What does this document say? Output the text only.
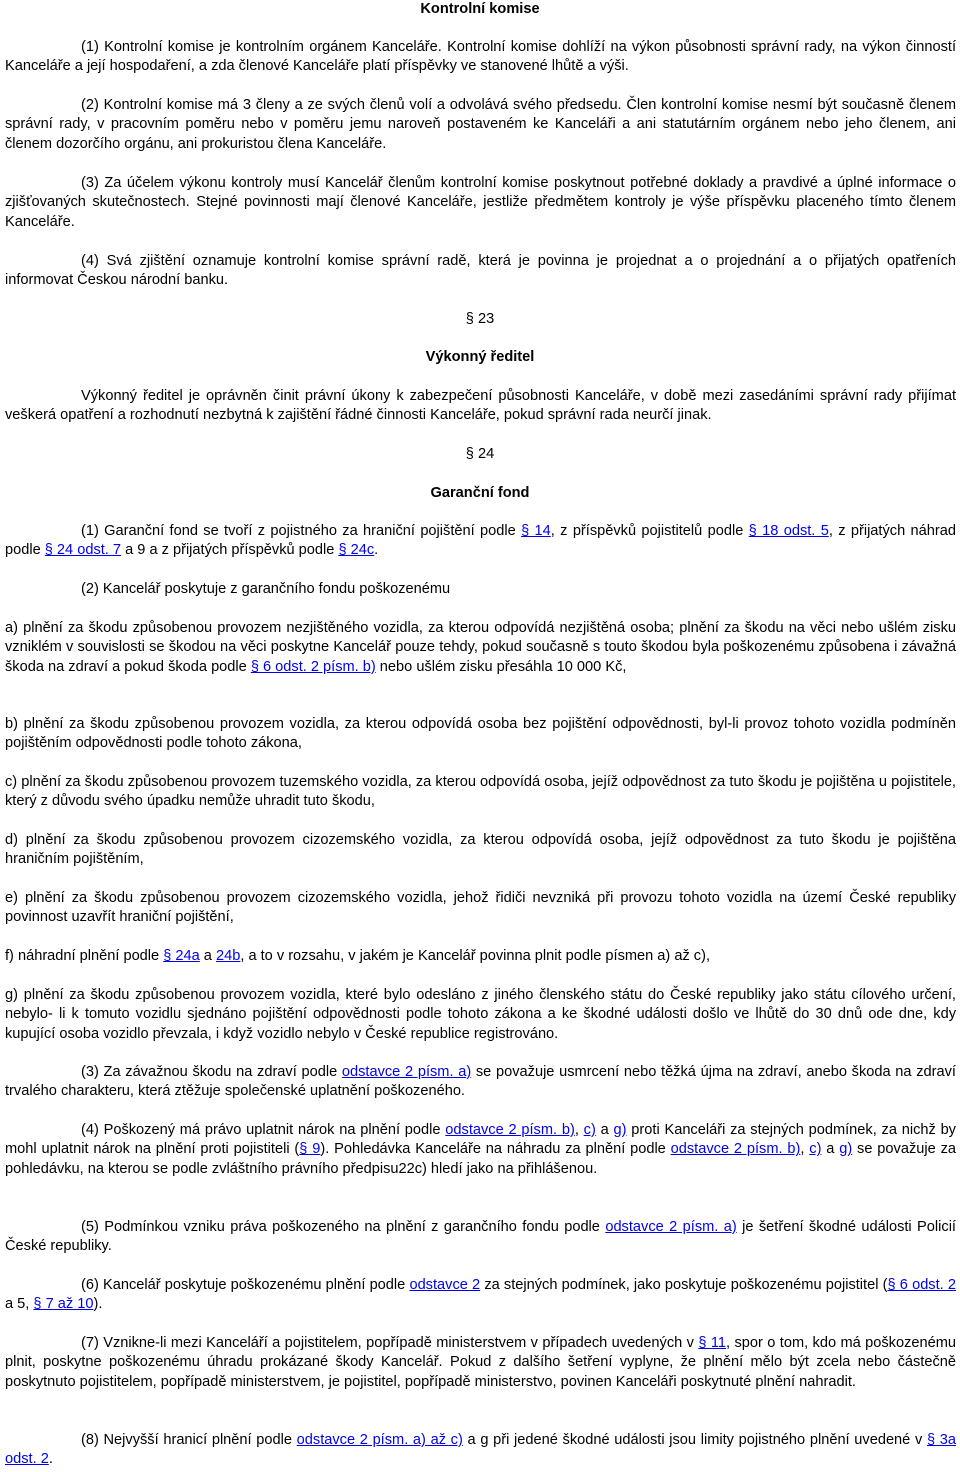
Kontrolní komise

(1) Kontrolní komise je kontrolním orgánem Kanceláře. Kontrolní komise dohlíží na výkon působnosti správní rady, na výkon činností Kanceláře a její hospodaření, a zda členové Kanceláře platí příspěvky ve stanovené lhůtě a výši.

(2) Kontrolní komise má 3 členy a ze svých členů volí a odvolává svého předsedu. Člen kontrolní komise nesmí být současně členem správní rady, v pracovním poměru nebo v poměru jemu naroveň postaveném ke Kanceláři a ani statutárním orgánem nebo jeho členem, ani členem dozorčího orgánu, ani prokuristou člena Kanceláře.

(3) Za účelem výkonu kontroly musí Kancelář členům kontrolní komise poskytnout potřebné doklady a pravdivé a úplné informace o zjišťovaných skutečnostech. Stejné povinnosti mají členové Kanceláře, jestliže předmětem kontroly je výše příspěvku placeného tímto členem Kanceláře.

(4) Svá zjištění oznamuje kontrolní komise správní radě, která je povinna je projednat a o projednání a o přijatých opatřeních informovat Českou národní banku.

§ 23

Výkonný ředitel

Výkonný ředitel je oprávněn činit právní úkony k zabezpečení působnosti Kanceláře, v době mezi zasedáními správní rady přijímat veškerá opatření a rozhodnutí nezbytná k zajištění řádné činnosti Kanceláře, pokud správní rada neurčí jinak.

§ 24

Garanční fond

(1) Garanční fond se tvoří z pojistného za hraniční pojištění podle § 14, z příspěvků pojistitelů podle § 18 odst. 5, z přijatých náhrad podle § 24 odst. 7 a 9 a z přijatých příspěvků podle § 24c.

(2) Kancelář poskytuje z garančního fondu poškozenému

a) plnění za škodu způsobenou provozem nezjištěného vozidla, za kterou odpovídá nezjištěná osoba; plnění za škodu na věci nebo ušlém zisku vzniklém v souvislosti se škodou na věci poskytne Kancelář pouze tehdy, pokud současně s touto škodou byla poškozenému způsobena i závažná škoda na zdraví a pokud škoda podle § 6 odst. 2 písm. b) nebo ušlém zisku přesáhla 10 000 Kč,

b) plnění za škodu způsobenou provozem vozidla, za kterou odpovídá osoba bez pojištění odpovědnosti, byl-li provoz tohoto vozidla podmíněn pojištěním odpovědnosti podle tohoto zákona,

c) plnění za škodu způsobenou provozem tuzemského vozidla, za kterou odpovídá osoba, jejíž odpovědnost za tuto škodu je pojištěna u pojistitele, který z důvodu svého úpadku nemůže uhradit tuto škodu,

d) plnění za škodu způsobenou provozem cizozemského vozidla, za kterou odpovídá osoba, jejíž odpovědnost za tuto škodu je pojištěna hraničním pojištěním,

e) plnění za škodu způsobenou provozem cizozemského vozidla, jehož řidiči nevzniká při provozu tohoto vozidla na území České republiky povinnost uzavřít hraniční pojištění,

f) náhradní plnění podle § 24a a 24b, a to v rozsahu, v jakém je Kancelář povinna plnit podle písmen a) až c),

g) plnění za škodu způsobenou provozem vozidla, které bylo odesláno z jiného členského státu do České republiky jako státu cílového určení, nebylo- li k tomuto vozidlu sjednáno pojištění odpovědnosti podle tohoto zákona a ke škodné události došlo ve lhůtě do 30 dnů ode dne, kdy kupující osoba vozidlo převzala, i když vozidlo nebylo v České republice registrováno.

(3) Za závažnou škodu na zdraví podle odstavce 2 písm. a) se považuje usmrcení nebo těžká újma na zdraví, anebo škoda na zdraví trvalého charakteru, která ztěžuje společenské uplatnění poškozeného.

(4) Poškozený má právo uplatnit nárok na plnění podle odstavce 2 písm. b), c) a g) proti Kanceláři za stejných podmínek, za nichž by mohl uplatnit nárok na plnění proti pojistiteli (§ 9). Pohledávka Kanceláře na náhradu za plnění podle odstavce 2 písm. b), c) a g) se považuje za pohledávku, na kterou se podle zvláštního právního předpisu22c) hledí jako na přihlášenou.

(5) Podmínkou vzniku práva poškozeného na plnění z garančního fondu podle odstavce 2 písm. a) je šetření škodné události Policií České republiky.

(6) Kancelář poskytuje poškozenému plnění podle odstavce 2 za stejných podmínek, jako poskytuje poškozenému pojistitel (§ 6 odst. 2 a 5, § 7 až 10).

(7) Vznikne-li mezi Kanceláří a pojistitelem, popřípadě ministerstvem v případech uvedených v § 11, spor o tom, kdo má poškozenému plnit, poskytne poškozenému úhradu prokázané škody Kancelář. Pokud z dalšího šetření vyplyne, že plnění mělo být zcela nebo částečně poskytnuto pojistitelem, popřípadě ministerstvem, je pojistitel, popřípadě ministerstvo, povinen Kanceláři poskytnuté plnění nahradit.

(8) Nejvyšší hranicí plnění podle odstavce 2 písm. a) až c) a g při jedené škodné události jsou limity pojistného plnění uvedené v § 3a odst. 2.
